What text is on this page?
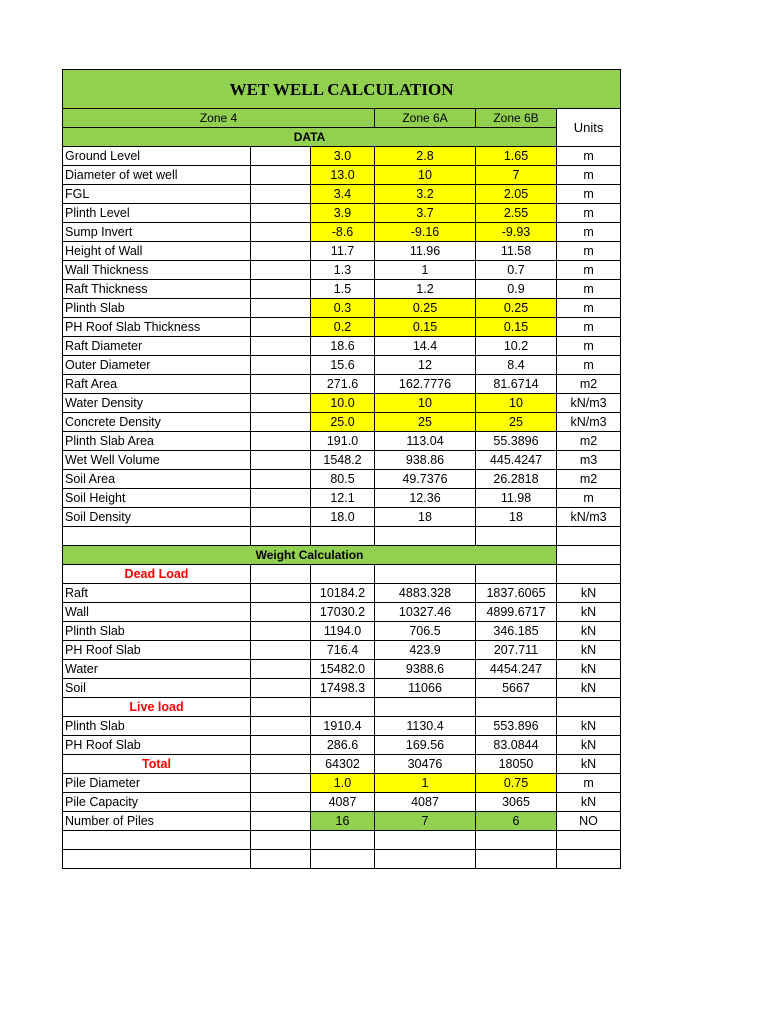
WET WELL CALCULATION					
Zone 4			Zone 6A	Zone 6B	Units
DATA					
Ground Level		3.0	2.8	1.65	m
Diameter of wet well		13.0	10	7	m
FGL		3.4	3.2	2.05	m
Plinth Level		3.9	3.7	2.55	m
Sump Invert		-8.6	-9.16	-9.93	m
Height of Wall		11.7	11.96	11.58	m
Wall Thickness		1.3	1	0.7	m
Raft Thickness		1.5	1.2	0.9	m
Plinth Slab		0.3	0.25	0.25	m
PH Roof Slab Thickness		0.2	0.15	0.15	m
Raft Diameter		18.6	14.4	10.2	m
Outer Diameter		15.6	12	8.4	m
Raft Area		271.6	162.7776	81.6714	m2
Water Density		10.0	10	10	kN/m3
Concrete Density		25.0	25	25	kN/m3
Plinth Slab Area		191.0	113.04	55.3896	m2
Wet Well Volume		1548.2	938.86	445.4247	m3
Soil Area		80.5	49.7376	26.2818	m2
Soil Height		12.1	12.36	11.98	m
Soil Density		18.0	18	18	kN/m3

Weight Calculation					
Dead Load					
Raft		10184.2	4883.328	1837.6065	kN
Wall		17030.2	10327.46	4899.6717	kN
Plinth Slab		1194.0	706.5	346.185	kN
PH Roof Slab		716.4	423.9	207.711	kN
Water		15482.0	9388.6	4454.247	kN
Soil		17498.3	11066	5667	kN
Live load					
Plinth Slab		1910.4	1130.4	553.896	kN
PH Roof Slab		286.6	169.56	83.0844	kN
Total		64302	30476	18050	kN
Pile Diameter		1.0	1	0.75	m
Pile Capacity		4087	4087	3065	kN
Number of Piles		16	7	6	NO
